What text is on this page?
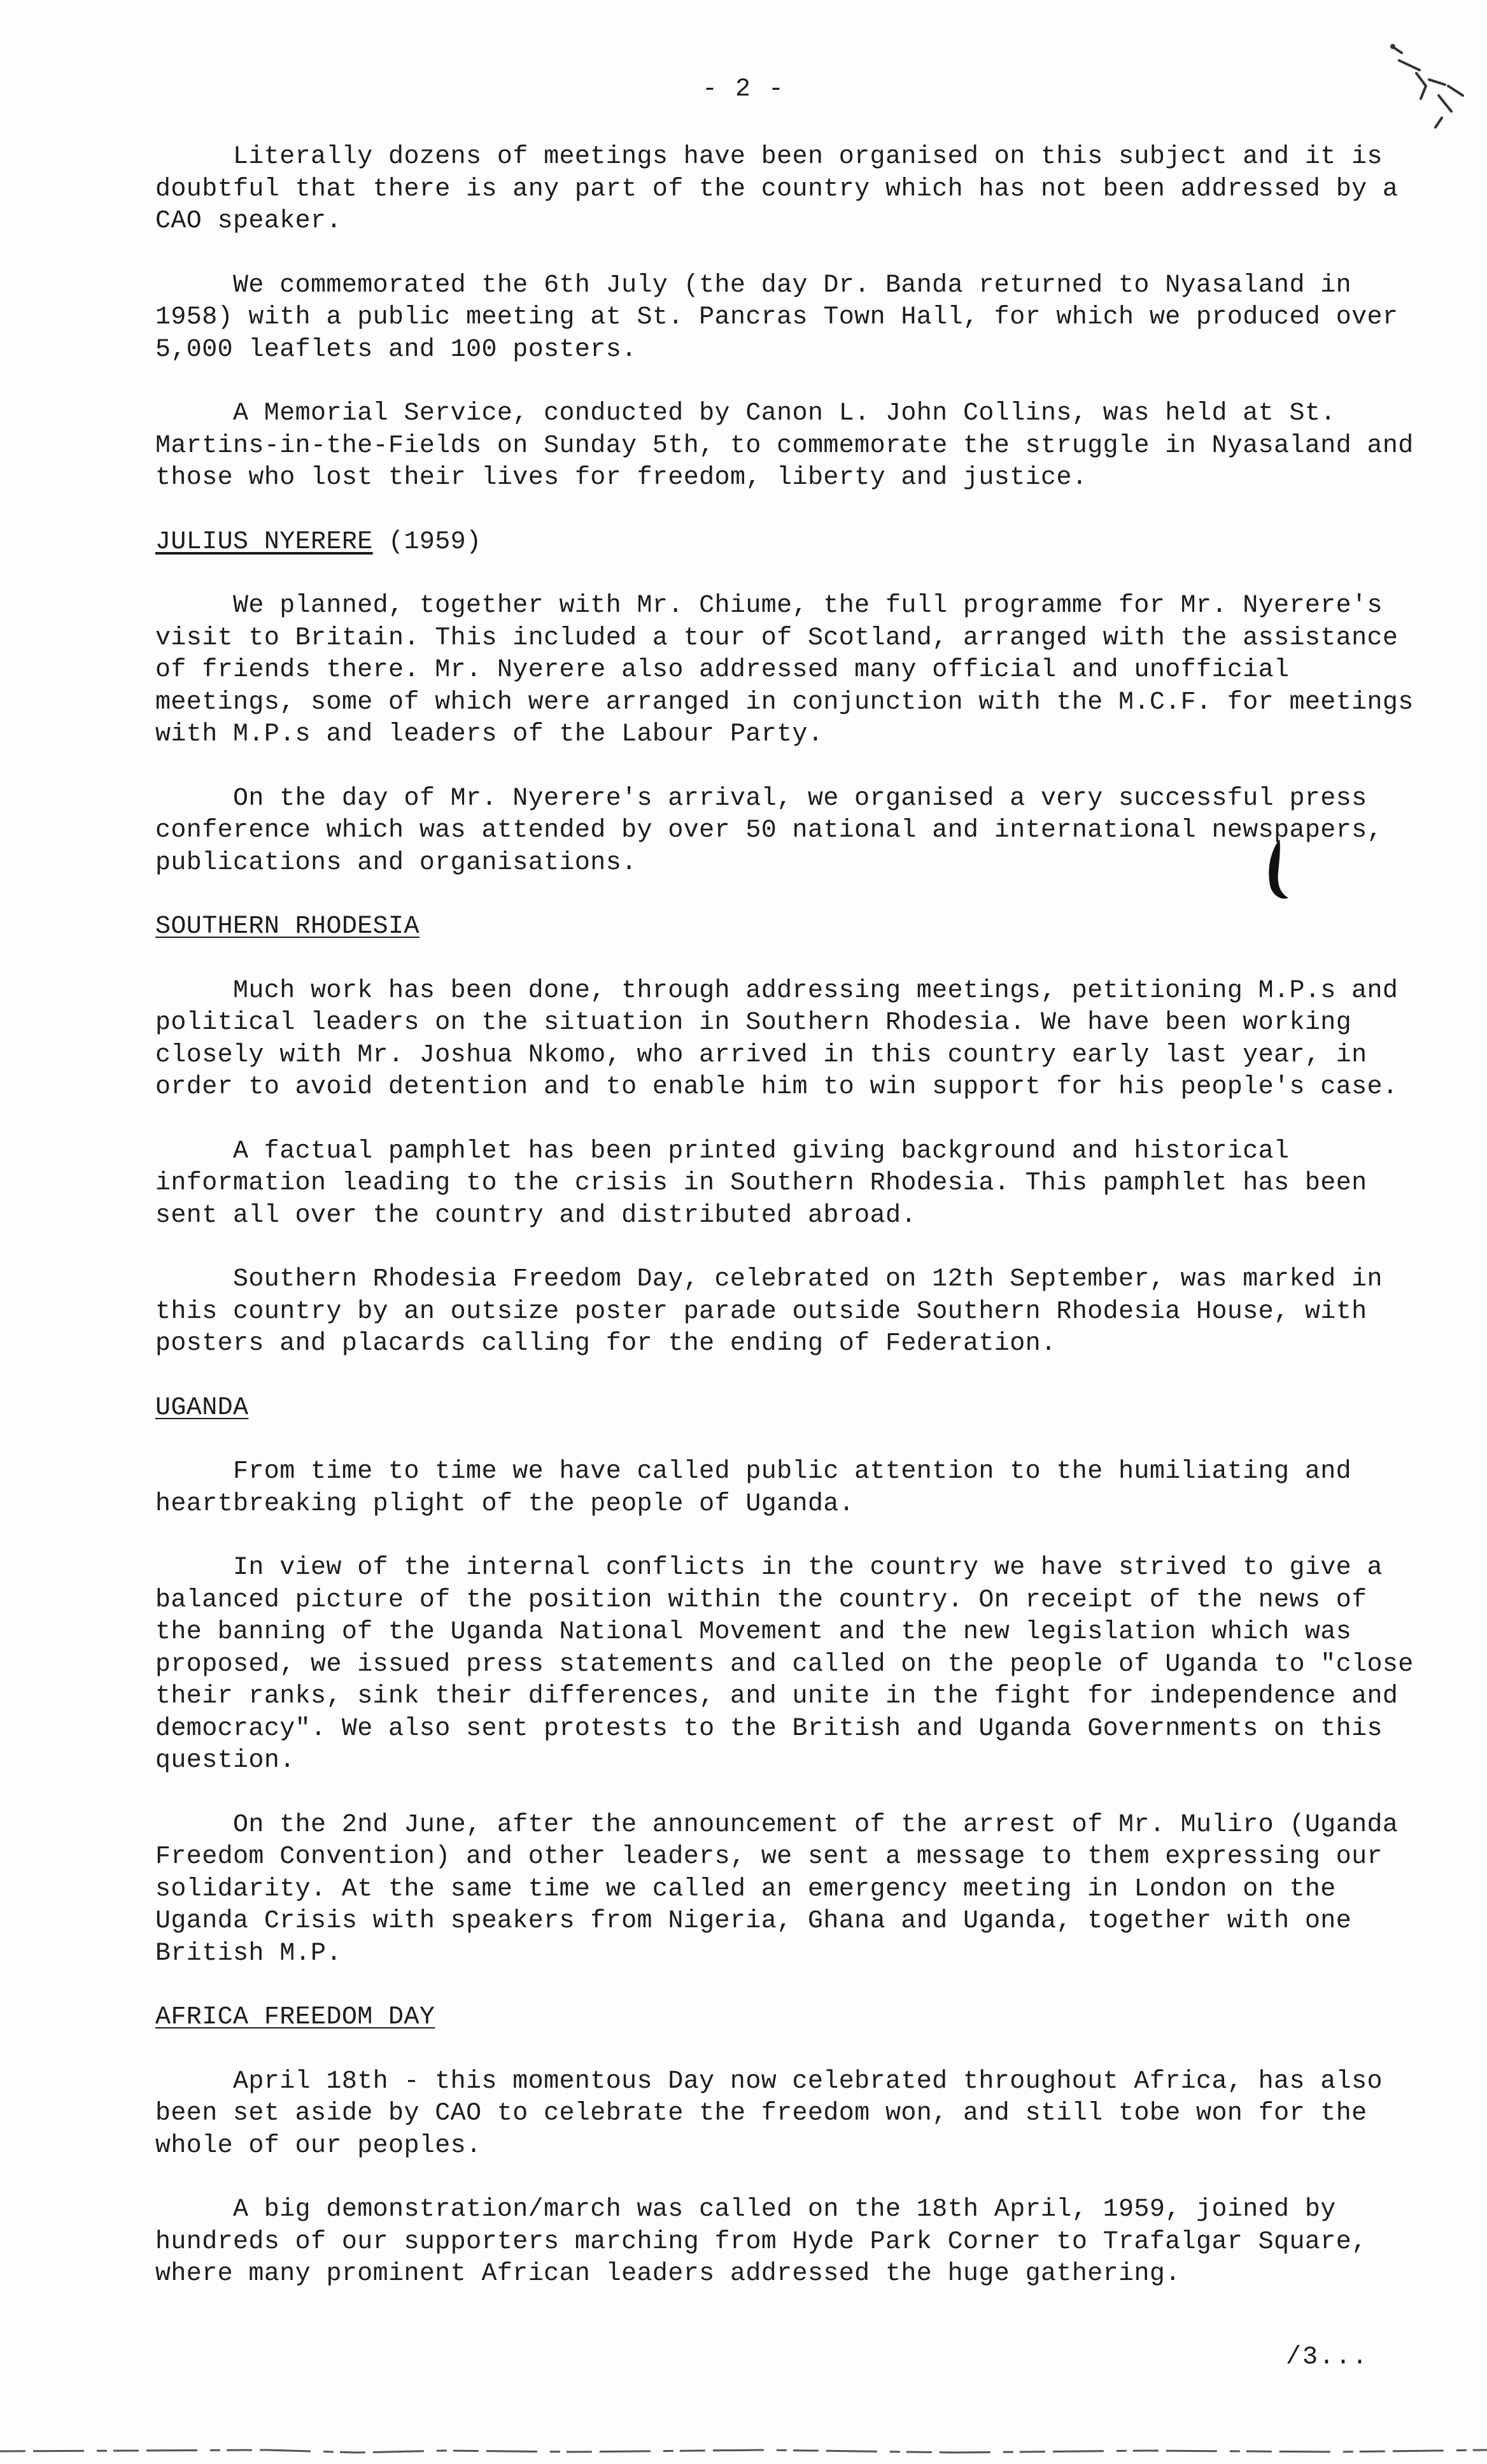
- 2 -

Literally dozens of meetings have been organised on this subject and it is doubtful that there is any part of the country which has not been addressed by a CAO speaker.

We commemorated the 6th July (the day Dr. Banda returned to Nyasaland in 1958) with a public meeting at St. Pancras Town Hall, for which we produced over 5,000 leaflets and 100 posters.

A Memorial Service, conducted by Canon L. John Collins, was held at St. Martins-in-the-Fields on Sunday 5th, to commemorate the struggle in Nyasaland and those who lost their lives for freedom, liberty and justice.

JULIUS NYERERE (1959)

We planned, together with Mr. Chiume, the full programme for Mr. Nyerere's visit to Britain. This included a tour of Scotland, arranged with the assistance of friends there. Mr. Nyerere also addressed many official and unofficial meetings, some of which were arranged in conjunction with the M.C.F. for meetings with M.P.s and leaders of the Labour Party.

On the day of Mr. Nyerere's arrival, we organised a very successful press conference which was attended by over 50 national and international newspapers, publications and organisations.

SOUTHERN RHODESIA

Much work has been done, through addressing meetings, petitioning M.P.s and political leaders on the situation in Southern Rhodesia. We have been working closely with Mr. Joshua Nkomo, who arrived in this country early last year, in order to avoid detention and to enable him to win support for his people's case.

A factual pamphlet has been printed giving background and historical information leading to the crisis in Southern Rhodesia. This pamphlet has been sent all over the country and distributed abroad.

Southern Rhodesia Freedom Day, celebrated on 12th September, was marked in this country by an outsize poster parade outside Southern Rhodesia House, with posters and placards calling for the ending of Federation.

UGANDA

From time to time we have called public attention to the humiliating and heartbreaking plight of the people of Uganda.

In view of the internal conflicts in the country we have strived to give a balanced picture of the position within the country. On receipt of the news of the banning of the Uganda National Movement and the new legislation which was proposed, we issued press statements and called on the people of Uganda to "close their ranks, sink their differences, and unite in the fight for independence and democracy". We also sent protests to the British and Uganda Governments on this question.

On the 2nd June, after the announcement of the arrest of Mr. Muliro (Uganda Freedom Convention) and other leaders, we sent a message to them expressing our solidarity. At the same time we called an emergency meeting in London on the Uganda Crisis with speakers from Nigeria, Ghana and Uganda, together with one British M.P.

AFRICA FREEDOM DAY

April 18th - this momentous Day now celebrated throughout Africa, has also been set aside by CAO to celebrate the freedom won, and still tobe won for the whole of our peoples.

A big demonstration/march was called on the 18th April, 1959, joined by hundreds of our supporters marching from Hyde Park Corner to Trafalgar Square, where many prominent African leaders addressed the huge gathering.

/3...
